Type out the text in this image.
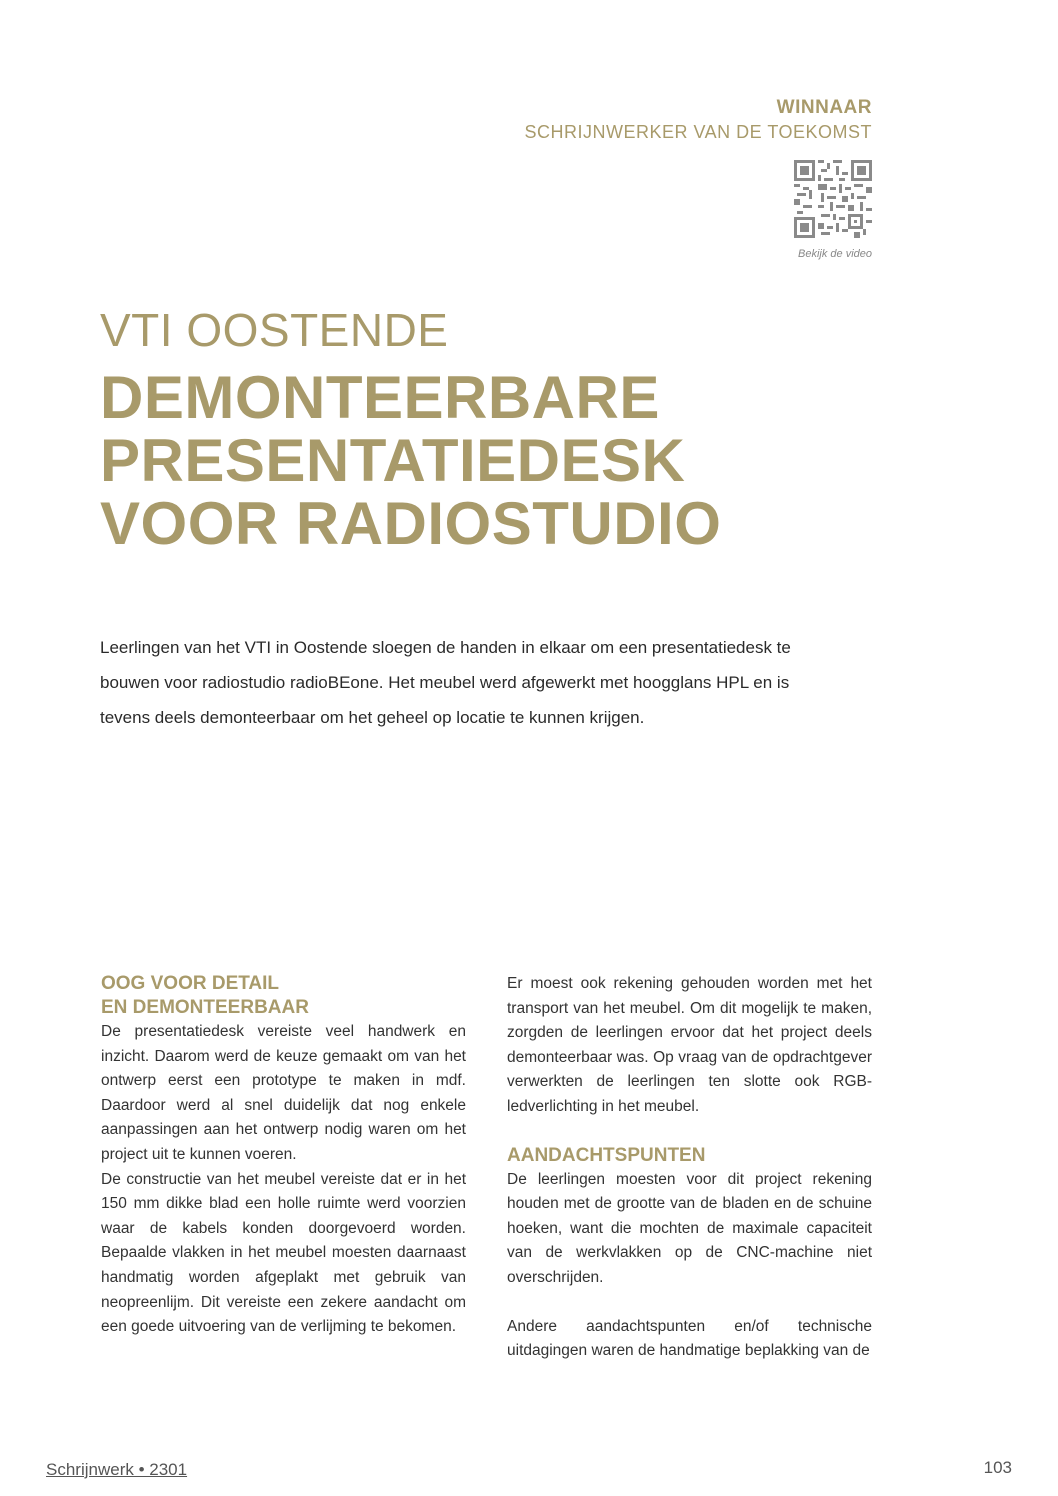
WINNAAR
SCHRIJNWERKER VAN DE TOEKOMST
Bekijk de video
VTI OOSTENDE
DEMONTEERBARE
PRESENTATIEDESK
VOOR RADIOSTUDIO

Leerlingen van het VTI in Oostende sloegen de handen in elkaar om een presentatiedesk te bouwen voor radiostudio radioBEone. Het meubel werd afgewerkt met hoogglans HPL en is tevens deels demonteerbaar om het geheel op locatie te kunnen krijgen.

OOG VOOR DETAIL
EN DEMONTEERBAAR

De presentatiedesk vereiste veel handwerk en inzicht. Daarom werd de keuze gemaakt om van het ontwerp eerst een prototype te maken in mdf. Daardoor werd al snel duidelijk dat nog enkele aanpassingen aan het ontwerp nodig waren om het project uit te kunnen voeren.

De constructie van het meubel vereiste dat er in het 150 mm dikke blad een holle ruimte werd voorzien waar de kabels konden doorgevoerd worden. Bepaalde vlakken in het meubel moesten daarnaast handmatig worden afgeplakt met gebruik van neopreenlijm. Dit vereiste een zekere aandacht om een goede uitvoering van de verlijming te bekomen.

Er moest ook rekening gehouden worden met het transport van het meubel. Om dit mogelijk te maken, zorgden de leerlingen ervoor dat het project deels demonteerbaar was. Op vraag van de opdrachtgever verwerkten de leerlingen ten slotte ook RGB-ledverlichting in het meubel.

AANDACHTSPUNTEN

De leerlingen moesten voor dit project rekening houden met de grootte van de bladen en de schuine hoeken, want die mochten de maximale capaciteit van de werkvlakken op de CNC-machine niet overschrijden.

Andere aandachtspunten en/of technische uitdagingen waren de handmatige beplakking van de

Schrijnwerk • 2301	103
